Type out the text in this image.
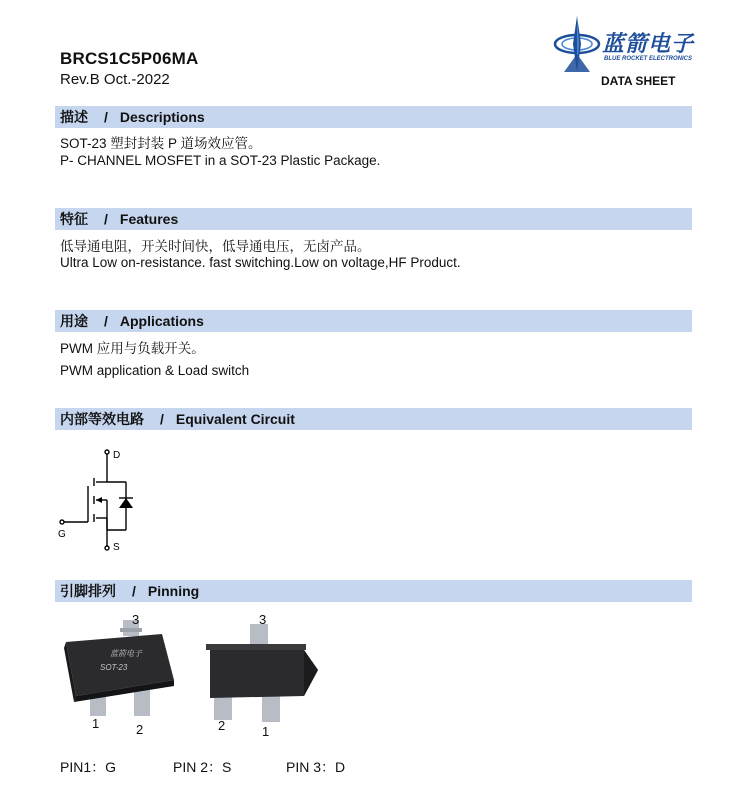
BRCS1C5P06MA
Rev.B Oct.-2022
蓝箭电子
BLUE ROCKET ELECTRONICS
DATA SHEET
描述 / Descriptions
SOT-23 塑封封装 P 道场效应管。
P- CHANNEL MOSFET in a SOT-23 Plastic Package.
特征 / Features
低导通电阻，开关时间快，低导通电压，无卤产品。
Ultra Low on-resistance. fast switching.Low on voltage,HF Product.
用途 / Applications
PWM 应用与负载开关。
PWM application & Load switch
内部等效电路 / Equivalent Circuit
D
G
S
引脚排列 / Pinning
蓝箭电子
SOT-23
3
1	2
3
2	1
PIN1：G	PIN 2：S	PIN 3：D
